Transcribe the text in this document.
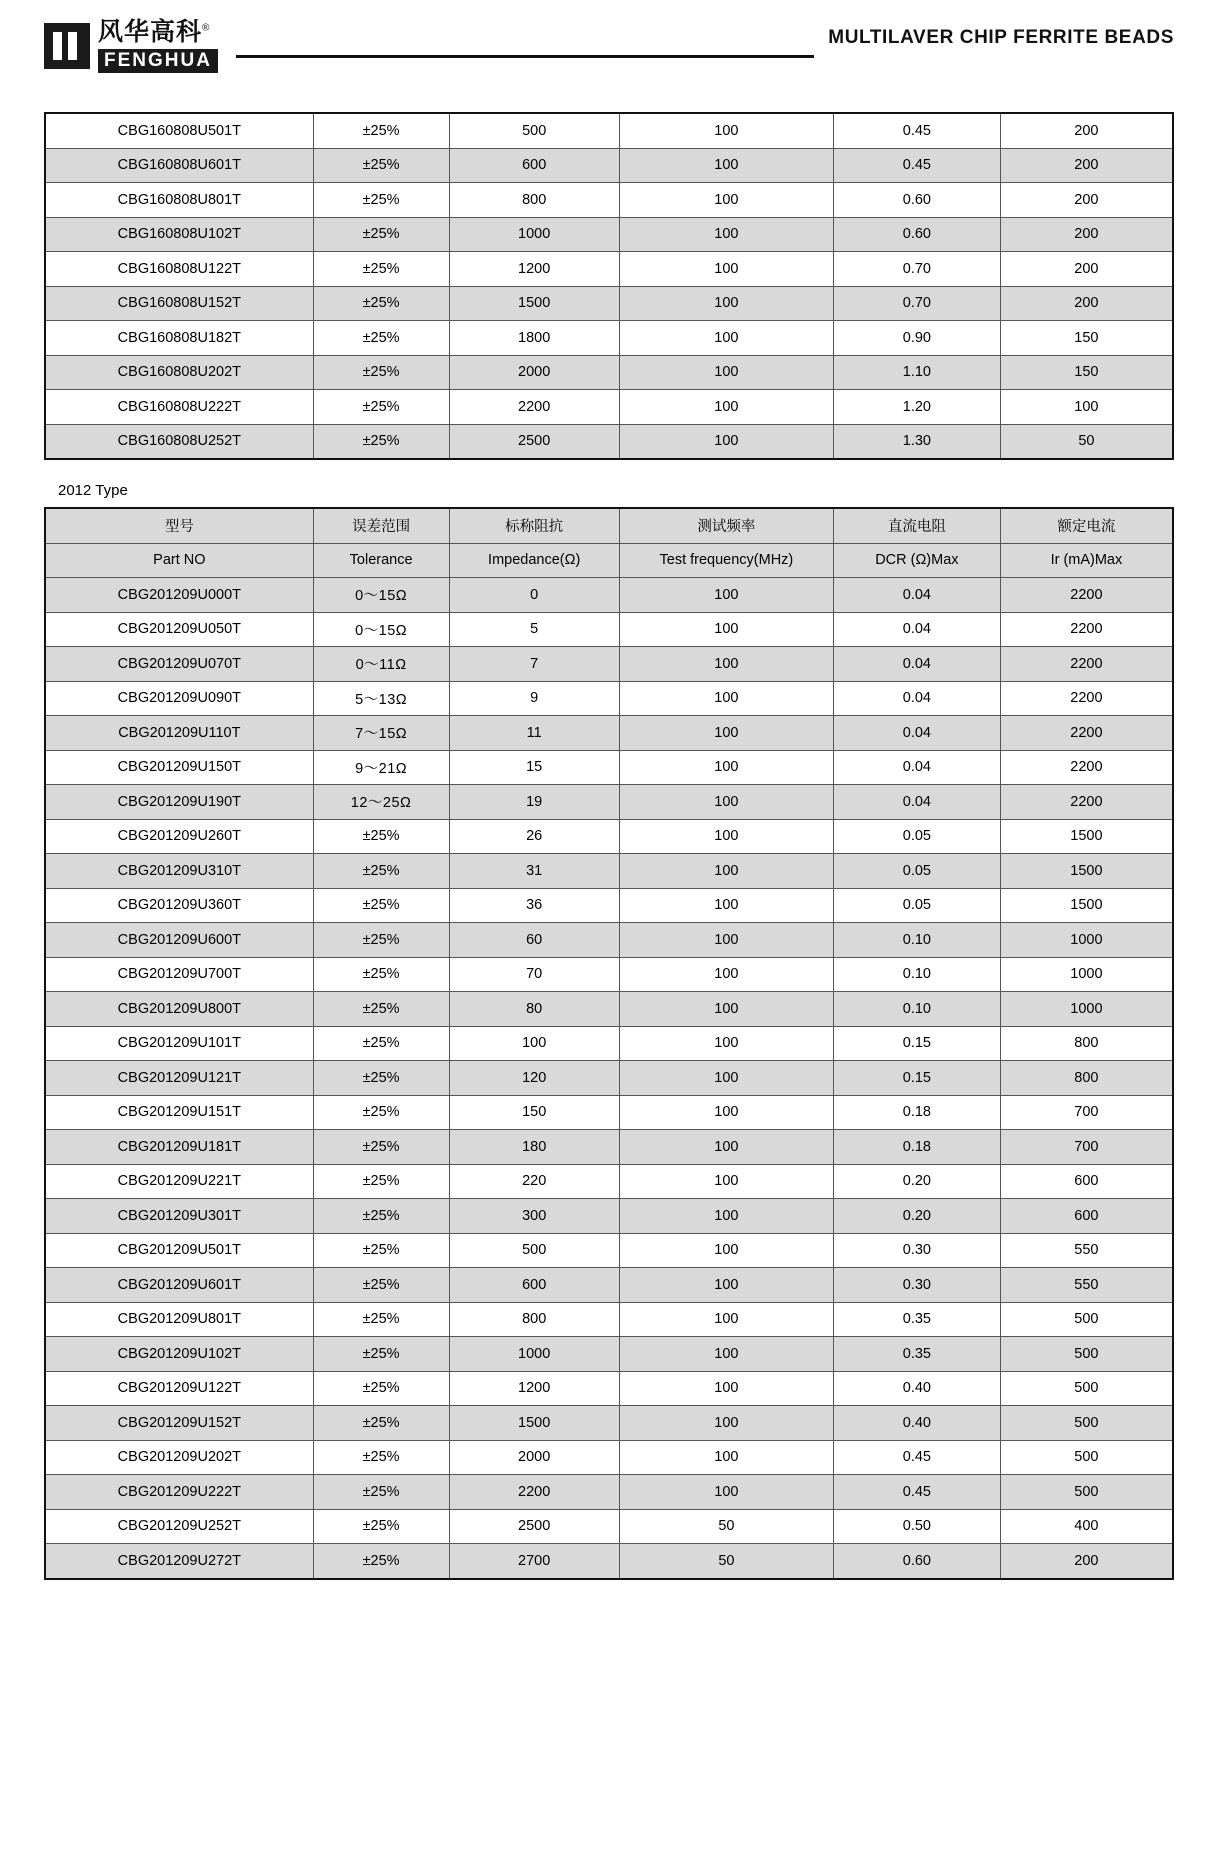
风华高科®
FENGHUA
MULTILAVER CHIP FERRITE BEADS
CBG160808U501T	±25%	500	100	0.45	200
CBG160808U601T	±25%	600	100	0.45	200
CBG160808U801T	±25%	800	100	0.60	200
CBG160808U102T	±25%	1000	100	0.60	200
CBG160808U122T	±25%	1200	100	0.70	200
CBG160808U152T	±25%	1500	100	0.70	200
CBG160808U182T	±25%	1800	100	0.90	150
CBG160808U202T	±25%	2000	100	1.10	150
CBG160808U222T	±25%	2200	100	1.20	100
CBG160808U252T	±25%	2500	100	1.30	50
2012 Type
型号	误差范围	标称阻抗	测试频率	直流电阻	额定电流
Part NO	Tolerance	Impedance(Ω)	Test frequency(MHz)	DCR (Ω)Max	Ir (mA)Max
CBG201209U000T	0～15Ω	0	100	0.04	2200
CBG201209U050T	0～15Ω	5	100	0.04	2200
CBG201209U070T	0～11Ω	7	100	0.04	2200
CBG201209U090T	5～13Ω	9	100	0.04	2200
CBG201209U110T	7～15Ω	11	100	0.04	2200
CBG201209U150T	9～21Ω	15	100	0.04	2200
CBG201209U190T	12～25Ω	19	100	0.04	2200
CBG201209U260T	±25%	26	100	0.05	1500
CBG201209U310T	±25%	31	100	0.05	1500
CBG201209U360T	±25%	36	100	0.05	1500
CBG201209U600T	±25%	60	100	0.10	1000
CBG201209U700T	±25%	70	100	0.10	1000
CBG201209U800T	±25%	80	100	0.10	1000
CBG201209U101T	±25%	100	100	0.15	800
CBG201209U121T	±25%	120	100	0.15	800
CBG201209U151T	±25%	150	100	0.18	700
CBG201209U181T	±25%	180	100	0.18	700
CBG201209U221T	±25%	220	100	0.20	600
CBG201209U301T	±25%	300	100	0.20	600
CBG201209U501T	±25%	500	100	0.30	550
CBG201209U601T	±25%	600	100	0.30	550
CBG201209U801T	±25%	800	100	0.35	500
CBG201209U102T	±25%	1000	100	0.35	500
CBG201209U122T	±25%	1200	100	0.40	500
CBG201209U152T	±25%	1500	100	0.40	500
CBG201209U202T	±25%	2000	100	0.45	500
CBG201209U222T	±25%	2200	100	0.45	500
CBG201209U252T	±25%	2500	50	0.50	400
CBG201209U272T	±25%	2700	50	0.60	200
